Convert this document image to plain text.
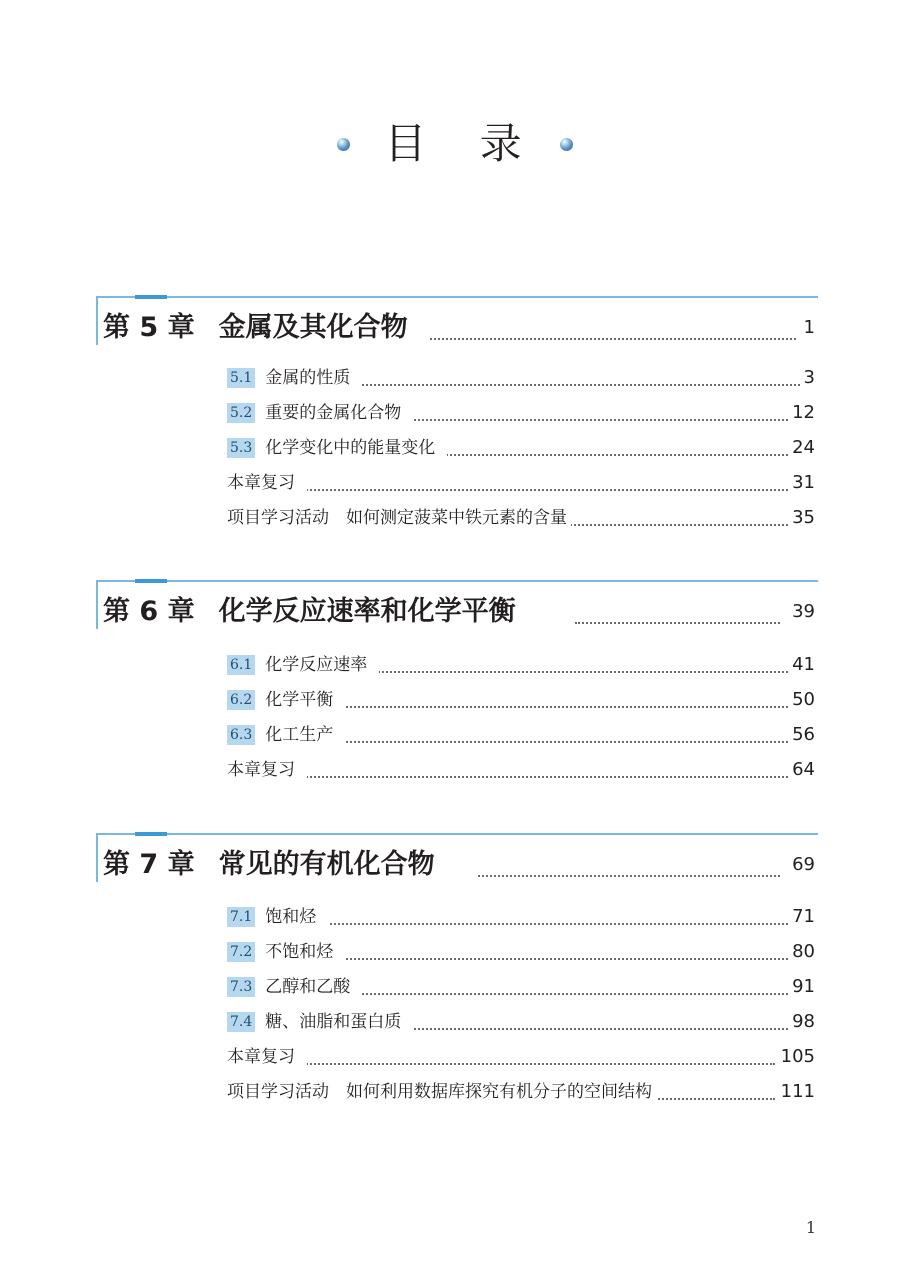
目 录
第 5 章 金属及其化合物	1
5.1 金属的性质	3
5.2 重要的金属化合物	12
5.3 化学变化中的能量变化	24
本章复习	31
项目学习活动　如何测定菠菜中铁元素的含量	35
第 6 章 化学反应速率和化学平衡	39
6.1 化学反应速率	41
6.2 化学平衡	50
6.3 化工生产	56
本章复习	64
第 7 章 常见的有机化合物	69
7.1 饱和烃	71
7.2 不饱和烃	80
7.3 乙醇和乙酸	91
7.4 糖、油脂和蛋白质	98
本章复习	105
项目学习活动　如何利用数据库探究有机分子的空间结构	111
1
